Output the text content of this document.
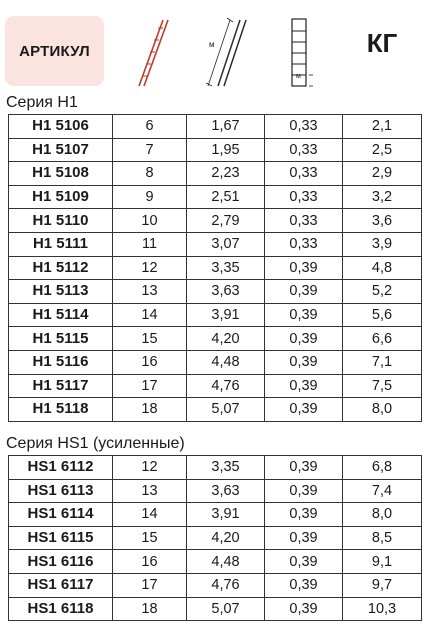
АРТИКУЛ	м
м
КГ
Серия H1
H1 5106	6	1,67	0,33	2,1
H1 5107	7	1,95	0,33	2,5
H1 5108	8	2,23	0,33	2,9
H1 5109	9	2,51	0,33	3,2
H1 5110	10	2,79	0,33	3,6
H1 5111	11	3,07	0,33	3,9
H1 5112	12	3,35	0,39	4,8
H1 5113	13	3,63	0,39	5,2
H1 5114	14	3,91	0,39	5,6
H1 5115	15	4,20	0,39	6,6
H1 5116	16	4,48	0,39	7,1
H1 5117	17	4,76	0,39	7,5
H1 5118	18	5,07	0,39	8,0
Серия HS1 (усиленные)
HS1 6112	12	3,35	0,39	6,8
HS1 6113	13	3,63	0,39	7,4
HS1 6114	14	3,91	0,39	8,0
HS1 6115	15	4,20	0,39	8,5
HS1 6116	16	4,48	0,39	9,1
HS1 6117	17	4,76	0,39	9,7
HS1 6118	18	5,07	0,39	10,3
